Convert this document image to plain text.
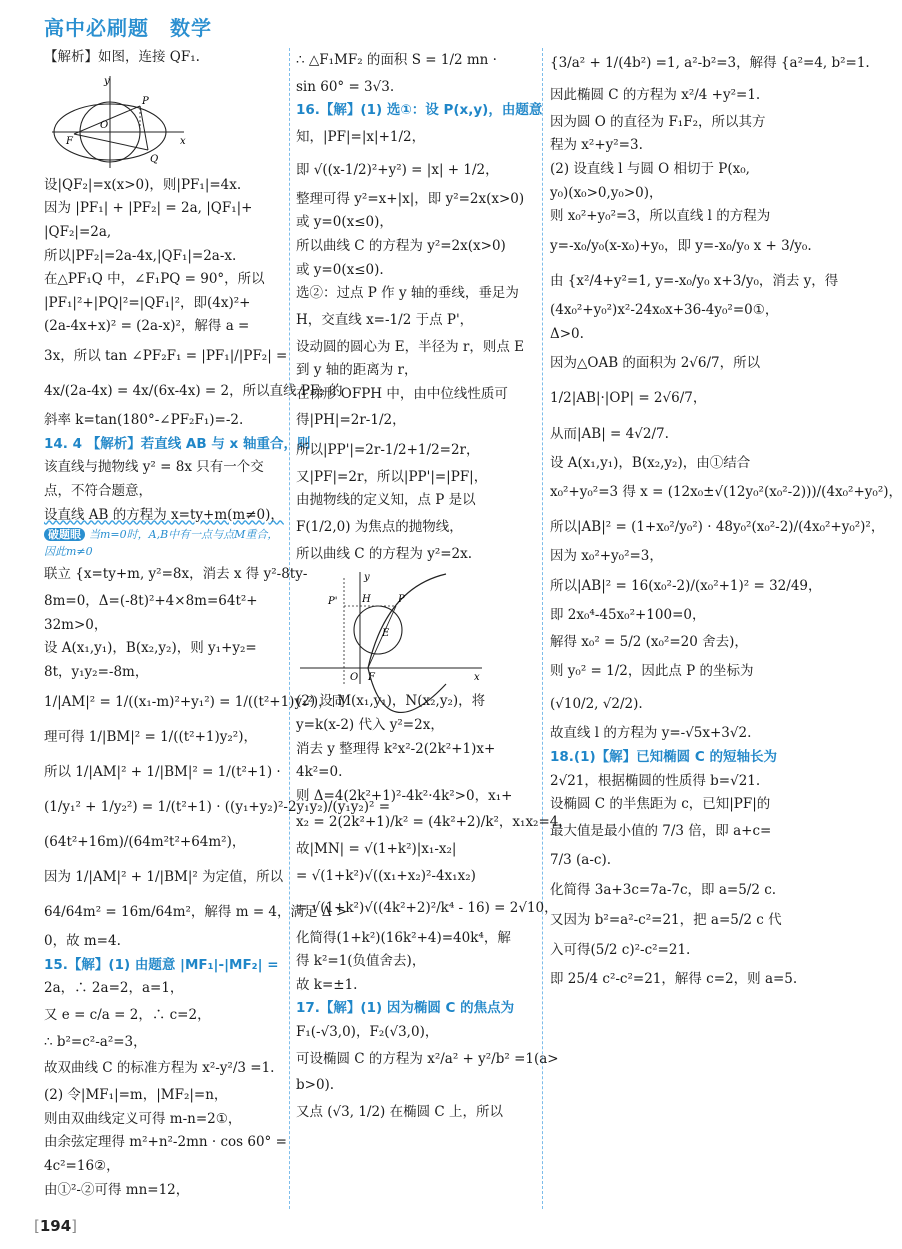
高中必刷题　数学
【解析】如图，连接 QF₁.
y
P
O
F	x
Q
设|QF₂|=x(x>0)，则|PF₁|=4x.
因为 |PF₁| + |PF₂| = 2a, |QF₁|+
|QF₂|=2a,
所以|PF₂|=2a-4x,|QF₁|=2a-x.
在△PF₁Q 中，∠F₁PQ = 90°，所以
|PF₁|²+|PQ|²=|QF₁|²，即(4x)²+
(2a-4x+x)² = (2a-x)²，解得 a =
3x，所以 tan ∠PF₂F₁ = |PF₁|/|PF₂| =
4x/(2a-4x) = 4x/(6x-4x) = 2，所以直线 PF₂ 的
斜率 k=tan(180°-∠PF₂F₁)=-2.
14. 4 【解析】若直线 AB 与 x 轴重合，则
该直线与抛物线 y² = 8x 只有一个交
点，不符合题意，
设直线 AB 的方程为 x=ty+m(m≠0)，
破题眼 当m=0时，A,B中有一点与点M重合，因此m≠0
联立 {x=ty+m, y²=8x，消去 x 得 y²-8ty-
8m=0，Δ=(-8t)²+4×8m=64t²+
32m>0，
设 A(x₁,y₁)，B(x₂,y₂)，则 y₁+y₂=
8t，y₁y₂=-8m，
1/|AM|² = 1/((x₁-m)²+y₁²) = 1/((t²+1)y₁²)，同
理可得 1/|BM|² = 1/((t²+1)y₂²)，
所以 1/|AM|² + 1/|BM|² = 1/(t²+1) ·
(1/y₁² + 1/y₂²) = 1/(t²+1) · ((y₁+y₂)²-2y₁y₂)/(y₁y₂)² =
(64t²+16m)/(64m²t²+64m²)，
因为 1/|AM|² + 1/|BM|² 为定值，所以
64/64m² = 16m/64m²，解得 m = 4，满足 Δ >
0，故 m=4.
15.【解】(1) 由题意 |MF₁|-|MF₂| =
2a，∴ 2a=2，a=1，
又 e = c/a = 2，∴ c=2，
∴ b²=c²-a²=3，
故双曲线 C 的标准方程为 x²-y²/3 =1.
(2) 令|MF₁|=m，|MF₂|=n，
则由双曲线定义可得 m-n=2①，
由余弦定理得 m²+n²-2mn · cos 60° =
4c²=16②，
由①²-②可得 mn=12，
∴ △F₁MF₂ 的面积 S = 1/2 mn ·
sin 60° = 3√3.
16.【解】(1) 选①：设 P(x,y)，由题意
知，|PF|=|x|+1/2，
即 √((x-1/2)²+y²) = |x| + 1/2，
整理可得 y²=x+|x|，即 y²=2x(x>0)
或 y=0(x≤0)，
所以曲线 C 的方程为 y²=2x(x>0)
或 y=0(x≤0).
选②：过点 P 作 y 轴的垂线，垂足为
H，交直线 x=-1/2 于点 P'，
设动圆的圆心为 E，半径为 r，则点 E
到 y 轴的距离为 r，
在梯形 OFPH 中，由中位线性质可
得|PH|=2r-1/2，
所以|PP'|=2r-1/2+1/2=2r，
又|PF|=2r，所以|PP'|=|PF|，
由抛物线的定义知，点 P 是以
F(1/2,0) 为焦点的抛物线，
所以曲线 C 的方程为 y²=2x.
y
H
P'	P
E
O F	x
(2) 设 M(x₁,y₁)，N(x₂,y₂)，将
y=k(x-2) 代入 y²=2x，
消去 y 整理得 k²x²-2(2k²+1)x+
4k²=0.
则 Δ=4(2k²+1)²-4k²·4k²>0，x₁+
x₂ = 2(2k²+1)/k² = (4k²+2)/k²，x₁x₂=4，
故|MN| = √(1+k²)|x₁-x₂|
= √(1+k²)√((x₁+x₂)²-4x₁x₂)
= √(1+k²)√((4k²+2)²/k⁴ - 16) = 2√10，
化简得(1+k²)(16k²+4)=40k⁴，解
得 k²=1(负值舍去)，
故 k=±1.
17.【解】(1) 因为椭圆 C 的焦点为
F₁(-√3,0)，F₂(√3,0)，
可设椭圆 C 的方程为 x²/a² + y²/b² =1(a>
b>0).
又点 (√3, 1/2) 在椭圆 C 上，所以
{3/a² + 1/(4b²) =1, a²-b²=3，解得 {a²=4, b²=1.
因此椭圆 C 的方程为 x²/4 +y²=1.
因为圆 O 的直径为 F₁F₂，所以其方
程为 x²+y²=3.
(2) 设直线 l 与圆 O 相切于 P(x₀,
y₀)(x₀>0,y₀>0)，
则 x₀²+y₀²=3，所以直线 l 的方程为
y=-x₀/y₀(x-x₀)+y₀，即 y=-x₀/y₀ x + 3/y₀.
由 {x²/4+y²=1, y=-x₀/y₀ x+3/y₀，消去 y，得
(4x₀²+y₀²)x²-24x₀x+36-4y₀²=0①，
Δ>0.
因为△OAB 的面积为 2√6/7，所以
1/2|AB|·|OP| = 2√6/7，
从而|AB| = 4√2/7.
设 A(x₁,y₁)，B(x₂,y₂)，由①结合
x₀²+y₀²=3 得 x = (12x₀±√(12y₀²(x₀²-2)))/(4x₀²+y₀²)，
所以|AB|² = (1+x₀²/y₀²) · 48y₀²(x₀²-2)/(4x₀²+y₀²)²，
因为 x₀²+y₀²=3，
所以|AB|² = 16(x₀²-2)/(x₀²+1)² = 32/49，
即 2x₀⁴-45x₀²+100=0，
解得 x₀² = 5/2 (x₀²=20 舍去)，
则 y₀² = 1/2，因此点 P 的坐标为
(√10/2, √2/2).
故直线 l 的方程为 y=-√5x+3√2.
18.(1)【解】已知椭圆 C 的短轴长为
2√21，根据椭圆的性质得 b=√21.
设椭圆 C 的半焦距为 c，已知|PF|的
最大值是最小值的 7/3 倍，即 a+c=
7/3 (a-c).
化简得 3a+3c=7a-7c，即 a=5/2 c.
又因为 b²=a²-c²=21，把 a=5/2 c 代
入可得(5/2 c)²-c²=21.
即 25/4 c²-c²=21，解得 c=2，则 a=5.
[194]
